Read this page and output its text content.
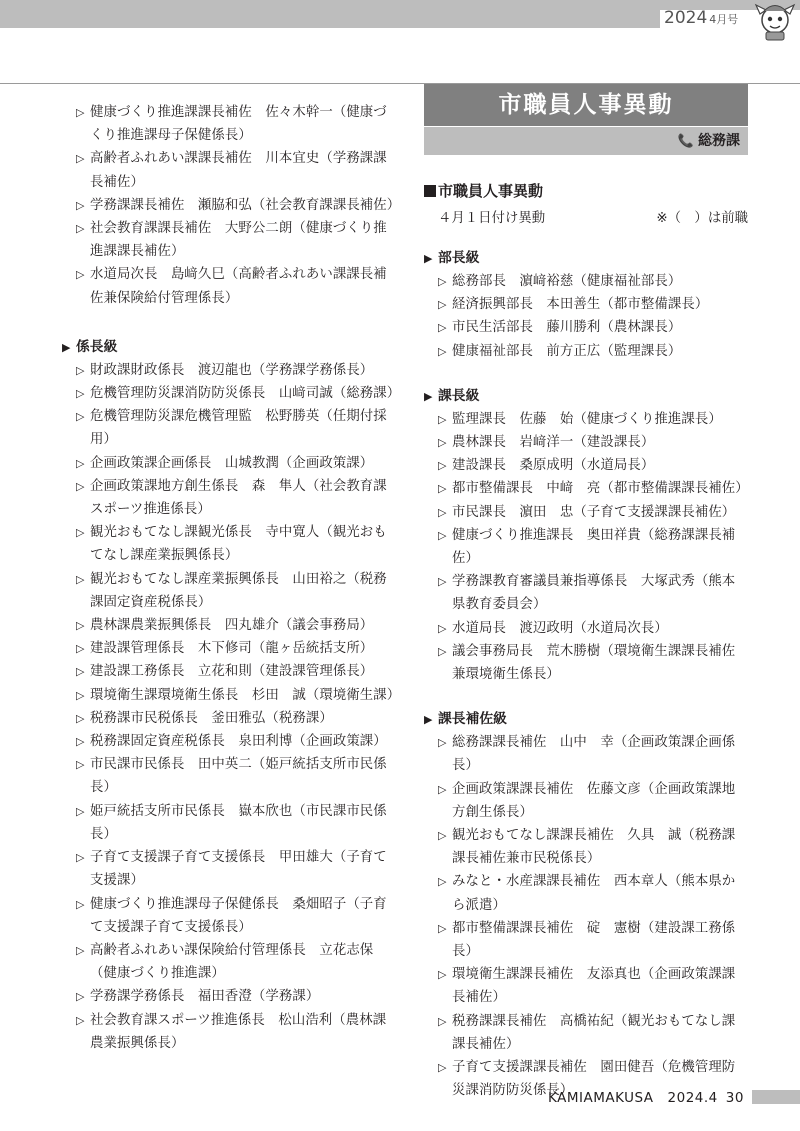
2024 4月号
▷ 健康づくり推進課課長補佐　佐々木幹一（健康づくり推進課母子保健係長）
▷ 高齢者ふれあい課課長補佐　川本宜史（学務課課長補佐）
▷ 学務課課長補佐　瀬脇和弘（社会教育課課長補佐）
▷ 社会教育課課長補佐　大野公二朗（健康づくり推進課課長補佐）
▷ 水道局次長　島﨑久巳（高齢者ふれあい課課長補佐兼保険給付管理係長）
▶ 係長級
▷ 財政課財政係長　渡辺龍也（学務課学務係長）
▷ 危機管理防災課消防防災係長　山﨑司誠（総務課）
▷ 危機管理防災課危機管理監　松野勝英（任期付採用）
▷ 企画政策課企画係長　山城教潤（企画政策課）
▷ 企画政策課地方創生係長　森　隼人（社会教育課スポーツ推進係長）
▷ 観光おもてなし課観光係長　寺中寛人（観光おもてなし課産業振興係長）
▷ 観光おもてなし課産業振興係長　山田裕之（税務課固定資産税係長）
▷ 農林課農業振興係長　四丸雄介（議会事務局）
▷ 建設課管理係長　木下修司（龍ヶ岳統括支所）
▷ 建設課工務係長　立花和則（建設課管理係長）
▷ 環境衛生課環境衛生係長　杉田　誠（環境衛生課）
▷ 税務課市民税係長　釜田雅弘（税務課）
▷ 税務課固定資産税係長　泉田利博（企画政策課）
▷ 市民課市民係長　田中英二（姫戸統括支所市民係長）
▷ 姫戸統括支所市民係長　嶽本欣也（市民課市民係長）
▷ 子育て支援課子育て支援係長　甲田雄大（子育て支援課）
▷ 健康づくり推進課母子保健係長　桑畑昭子（子育て支援課子育て支援係長）
▷ 高齢者ふれあい課保険給付管理係長　立花志保（健康づくり推進課）
▷ 学務課学務係長　福田香澄（学務課）
▷ 社会教育課スポーツ推進係長　松山浩利（農林課農業振興係長）
市職員人事異動
📞 総務課
市職員人事異動
４月１日付け異動	※（　）は前職
▶ 部長級
▷ 総務部長　濵﨑裕慈（健康福祉部長）
▷ 経済振興部長　本田善生（都市整備課長）
▷ 市民生活部長　藤川勝利（農林課長）
▷ 健康福祉部長　前方正広（監理課長）
▶ 課長級
▷ 監理課長　佐藤　始（健康づくり推進課長）
▷ 農林課長　岩﨑洋一（建設課長）
▷ 建設課長　桑原成明（水道局長）
▷ 都市整備課長　中﨑　亮（都市整備課課長補佐）
▷ 市民課長　濵田　忠（子育て支援課課長補佐）
▷ 健康づくり推進課長　奥田祥貴（総務課課長補佐）
▷ 学務課教育審議員兼指導係長　大塚武秀（熊本県教育委員会）
▷ 水道局長　渡辺政明（水道局次長）
▷ 議会事務局長　荒木勝樹（環境衛生課課長補佐兼環境衛生係長）
▶ 課長補佐級
▷ 総務課課長補佐　山中　幸（企画政策課企画係長）
▷ 企画政策課課長補佐　佐藤文彦（企画政策課地方創生係長）
▷ 観光おもてなし課課長補佐　久具　誠（税務課課長補佐兼市民税係長）
▷ みなと・水産課課長補佐　西本章人（熊本県から派遣）
▷ 都市整備課課長補佐　碇　憲樹（建設課工務係長）
▷ 環境衛生課課長補佐　友添真也（企画政策課課長補佐）
▷ 税務課課長補佐　高橋祐紀（観光おもてなし課課長補佐）
▷ 子育て支援課課長補佐　園田健吾（危機管理防災課消防防災係長）
KAMIAMAKUSA　2024.4 30
